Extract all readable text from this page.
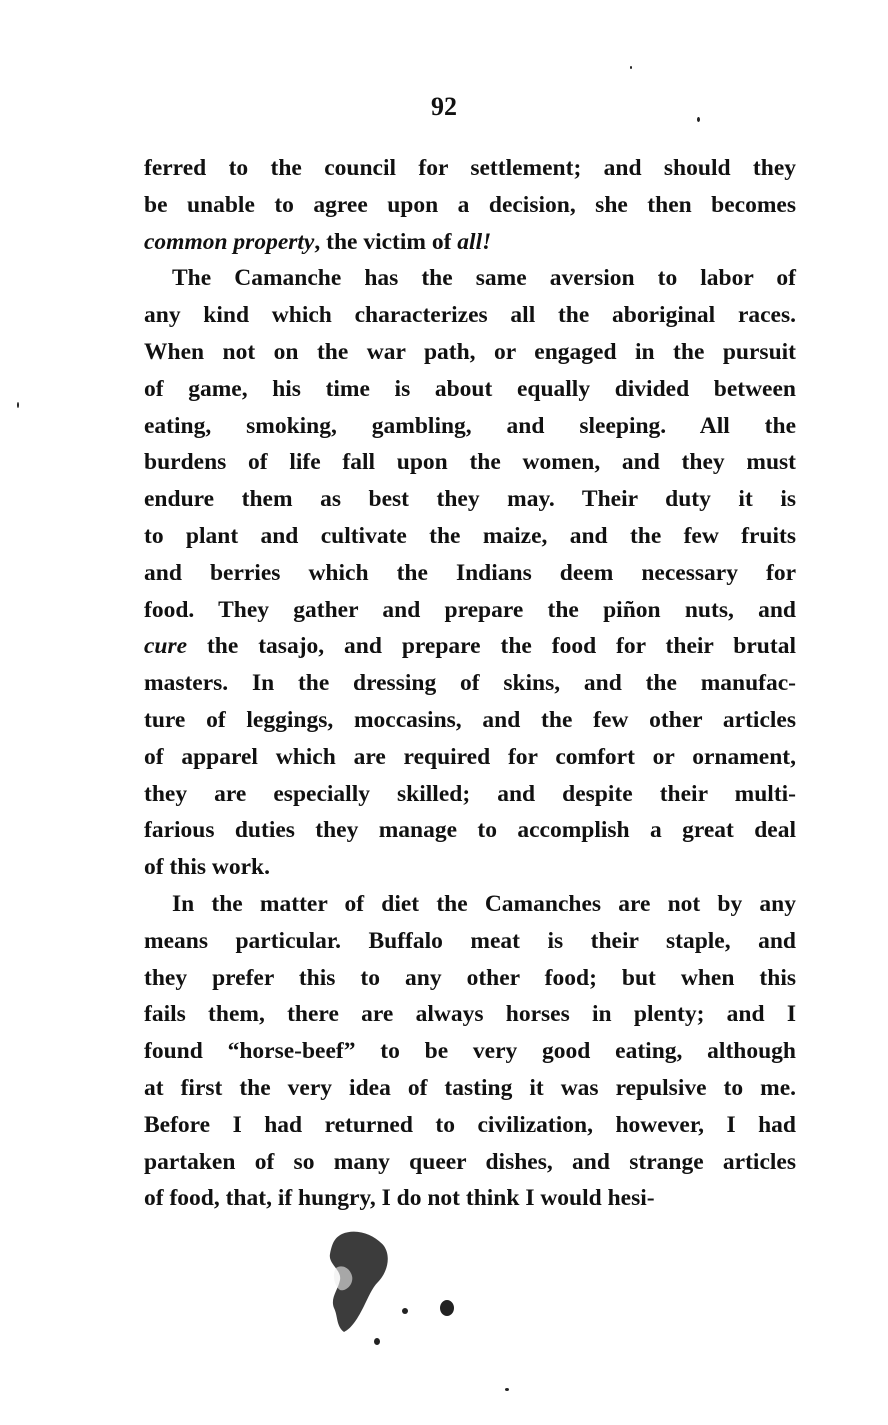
92
ferred to the council for settlement; and should they
be unable to agree upon a decision, she then becomes
common property, the victim of all!
The Camanche has the same aversion to labor of
any kind which characterizes all the aboriginal races.
When not on the war path, or engaged in the pursuit
of game, his time is about equally divided between
eating, smoking, gambling, and sleeping. All the
burdens of life fall upon the women, and they must
endure them as best they may. Their duty it is
to plant and cultivate the maize, and the few fruits
and berries which the Indians deem necessary for
food. They gather and prepare the piñon nuts, and
cure the tasajo, and prepare the food for their brutal
masters. In the dressing of skins, and the manufac-
ture of leggings, moccasins, and the few other articles
of apparel which are required for comfort or ornament,
they are especially skilled; and despite their multi-
farious duties they manage to accomplish a great deal
of this work.
In the matter of diet the Camanches are not by any
means particular. Buffalo meat is their staple, and
they prefer this to any other food; but when this
fails them, there are always horses in plenty; and I
found “horse-beef” to be very good eating, although
at first the very idea of tasting it was repulsive to me.
Before I had returned to civilization, however, I had
partaken of so many queer dishes, and strange articles
of food, that, if hungry, I do not think I would hesi-
